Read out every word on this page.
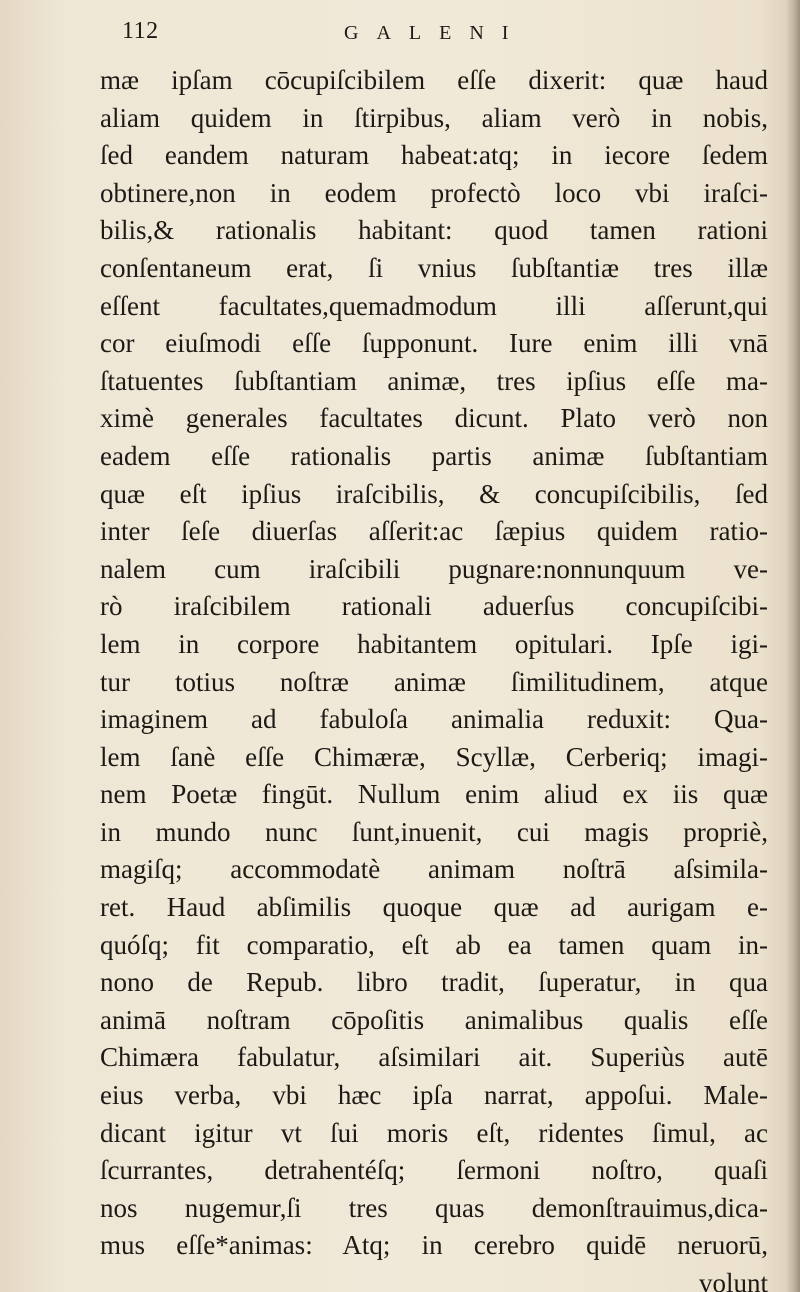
112	GALENI
mæ ipſam cōcupiſcibilem eſſe dixerit: quæ haud
aliam quidem in ſtirpibus, aliam verò in nobis,
ſed eandem naturam habeat:atq; in iecore ſedem
obtinere,non in eodem profectò loco vbi iraſci-
bilis,& rationalis habitant: quod tamen rationi
conſentaneum erat, ſi vnius ſubſtantiæ tres illæ
eſſent facultates,quemadmodum illi aſſerunt,qui
cor eiuſmodi eſſe ſupponunt. Iure enim illi vnā
ſtatuentes ſubſtantiam animæ, tres ipſius eſſe ma-
ximè generales facultates dicunt. Plato verò non
eadem eſſe rationalis partis animæ ſubſtantiam
quæ eſt ipſius iraſcibilis, & concupiſcibilis, ſed
inter ſeſe diuerſas aſſerit:ac ſæpius quidem ratio-
nalem cum iraſcibili pugnare:nonnunquum ve-
rò iraſcibilem rationali aduerſus concupiſcibi-
lem in corpore habitantem opitulari. Ipſe igi-
tur totius noſtræ animæ ſimilitudinem, atque
imaginem ad fabuloſa animalia reduxit: Qua-
lem ſanè eſſe Chimæræ, Scyllæ, Cerberiq; imagi-
nem Poetæ fingūt. Nullum enim aliud ex iis quæ
in mundo nunc ſunt,inuenit, cui magis propriè,
magiſq; accommodatè animam noſtrā aſsimila-
ret. Haud abſimilis quoque quæ ad aurigam e-
quóſq; fit comparatio, eſt ab ea tamen quam in-
nono de Repub. libro tradit, ſuperatur, in qua
animā noſtram cōpoſitis animalibus qualis eſſe
Chimæra fabulatur, aſsimilari ait. Superiùs autē
eius verba, vbi hæc ipſa narrat, appoſui. Male-
dicant igitur vt ſui moris eſt, ridentes ſimul, ac
ſcurrantes, detrahentéſq; ſermoni noſtro, quaſi
nos nugemur,ſi tres quas demonſtrauimus,dica-
mus eſſe*animas: Atq; in cerebro quidē neruorū,
volunt
